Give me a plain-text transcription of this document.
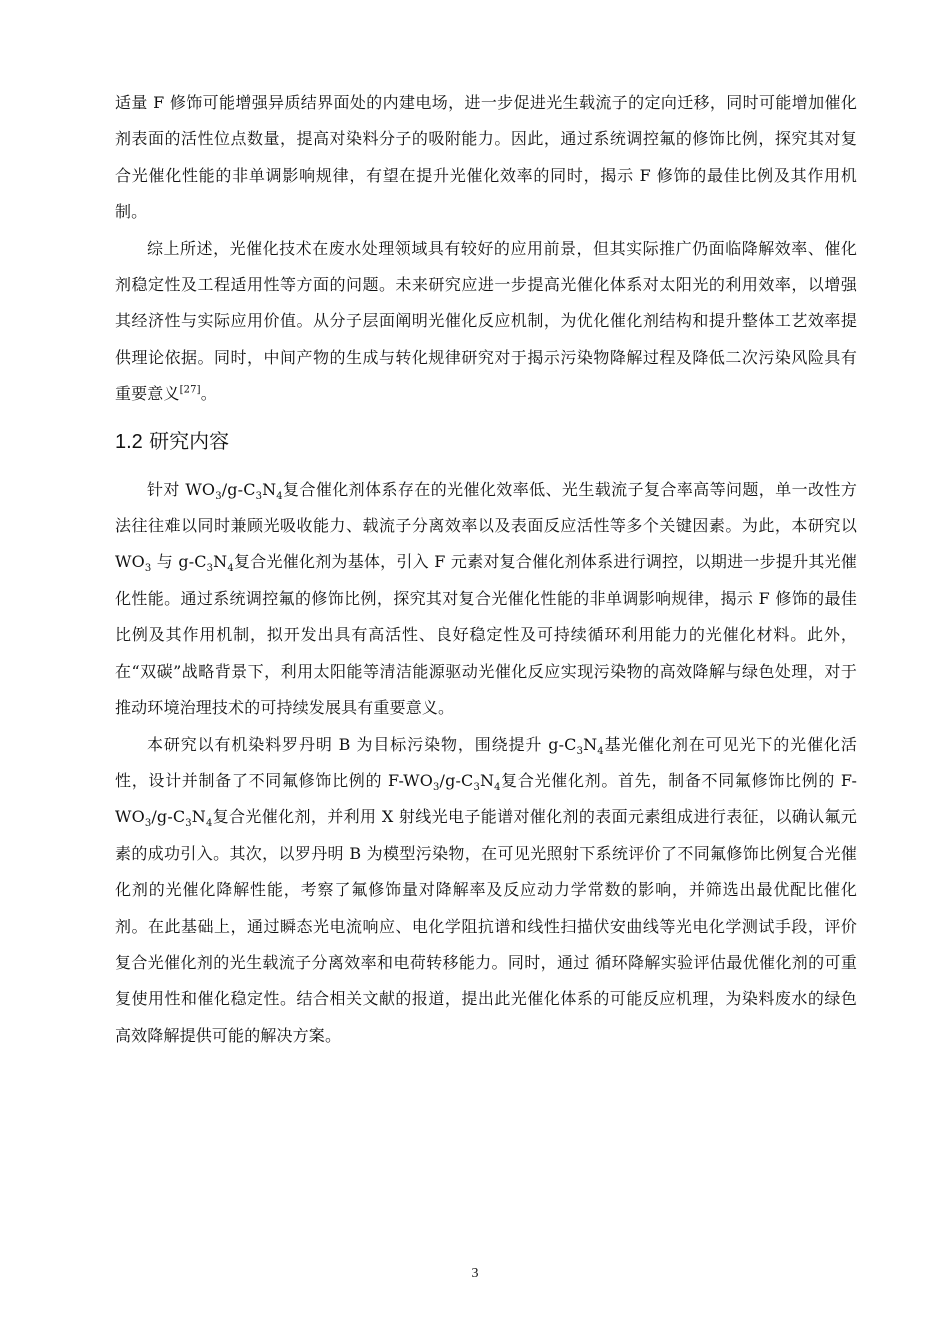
适量 F 修饰可能增强异质结界面处的内建电场，进一步促进光生载流子的定向迁移，同时可能增加催化剂表面的活性位点数量，提高对染料分子的吸附能力。因此，通过系统调控氟的修饰比例，探究其对复合光催化性能的非单调影响规律，有望在提升光催化效率的同时，揭示 F 修饰的最佳比例及其作用机制。

综上所述，光催化技术在废水处理领域具有较好的应用前景，但其实际推广仍面临降解效率、催化剂稳定性及工程适用性等方面的问题。未来研究应进一步提高光催化体系对太阳光的利用效率，以增强其经济性与实际应用价值。从分子层面阐明光催化反应机制，为优化催化剂结构和提升整体工艺效率提供理论依据。同时，中间产物的生成与转化规律研究对于揭示污染物降解过程及降低二次污染风险具有重要意义[27]。

1.2 研究内容

针对 $WO_3/g-C_3N_4$复合催化剂体系存在的光催化效率低、光生载流子复合率高等问题，单一改性方法往往难以同时兼顾光吸收能力、载流子分离效率以及表面反应活性等多个关键因素。为此，本研究以 $WO_3$ 与 $g-C_3N_4$复合光催化剂为基体，引入 F 元素对复合催化剂体系进行调控，以期进一步提升其光催化性能。通过系统调控氟的修饰比例，探究其对复合光催化性能的非单调影响规律，揭示 F 修饰的最佳比例及其作用机制，拟开发出具有高活性、良好稳定性及可持续循环利用能力的光催化材料。此外，在“双碳”战略背景下，利用太阳能等清洁能源驱动光催化反应实现污染物的高效降解与绿色处理，对于推动环境治理技术的可持续发展具有重要意义。

本研究以有机染料罗丹明 B 为目标污染物，围绕提升 $g-C_3N_4$基光催化剂在可见光下的光催化活性，设计并制备了不同氟修饰比例的 $F-WO_3/g-C_3N_4$复合光催化剂。首先，制备不同氟修饰比例的 $F-WO_3/g-C_3N_4$复合光催化剂，并利用 X 射线光电子能谱对催化剂的表面元素组成进行表征，以确认氟元素的成功引入。其次，以罗丹明 B 为模型污染物，在可见光照射下系统评价了不同氟修饰比例复合光催化剂的光催化降解性能，考察了氟修饰量对降解率及反应动力学常数的影响，并筛选出最优配比催化剂。在此基础上，通过瞬态光电流响应、电化学阻抗谱和线性扫描伏安曲线等光电化学测试手段，评价复合光催化剂的光生载流子分离效率和电荷转移能力。同时，通过 循环降解实验评估最优催化剂的可重复使用性和催化稳定性。结合相关文献的报道，提出此光催化体系的可能反应机理，为染料废水的绿色高效降解提供可能的解决方案。

3
